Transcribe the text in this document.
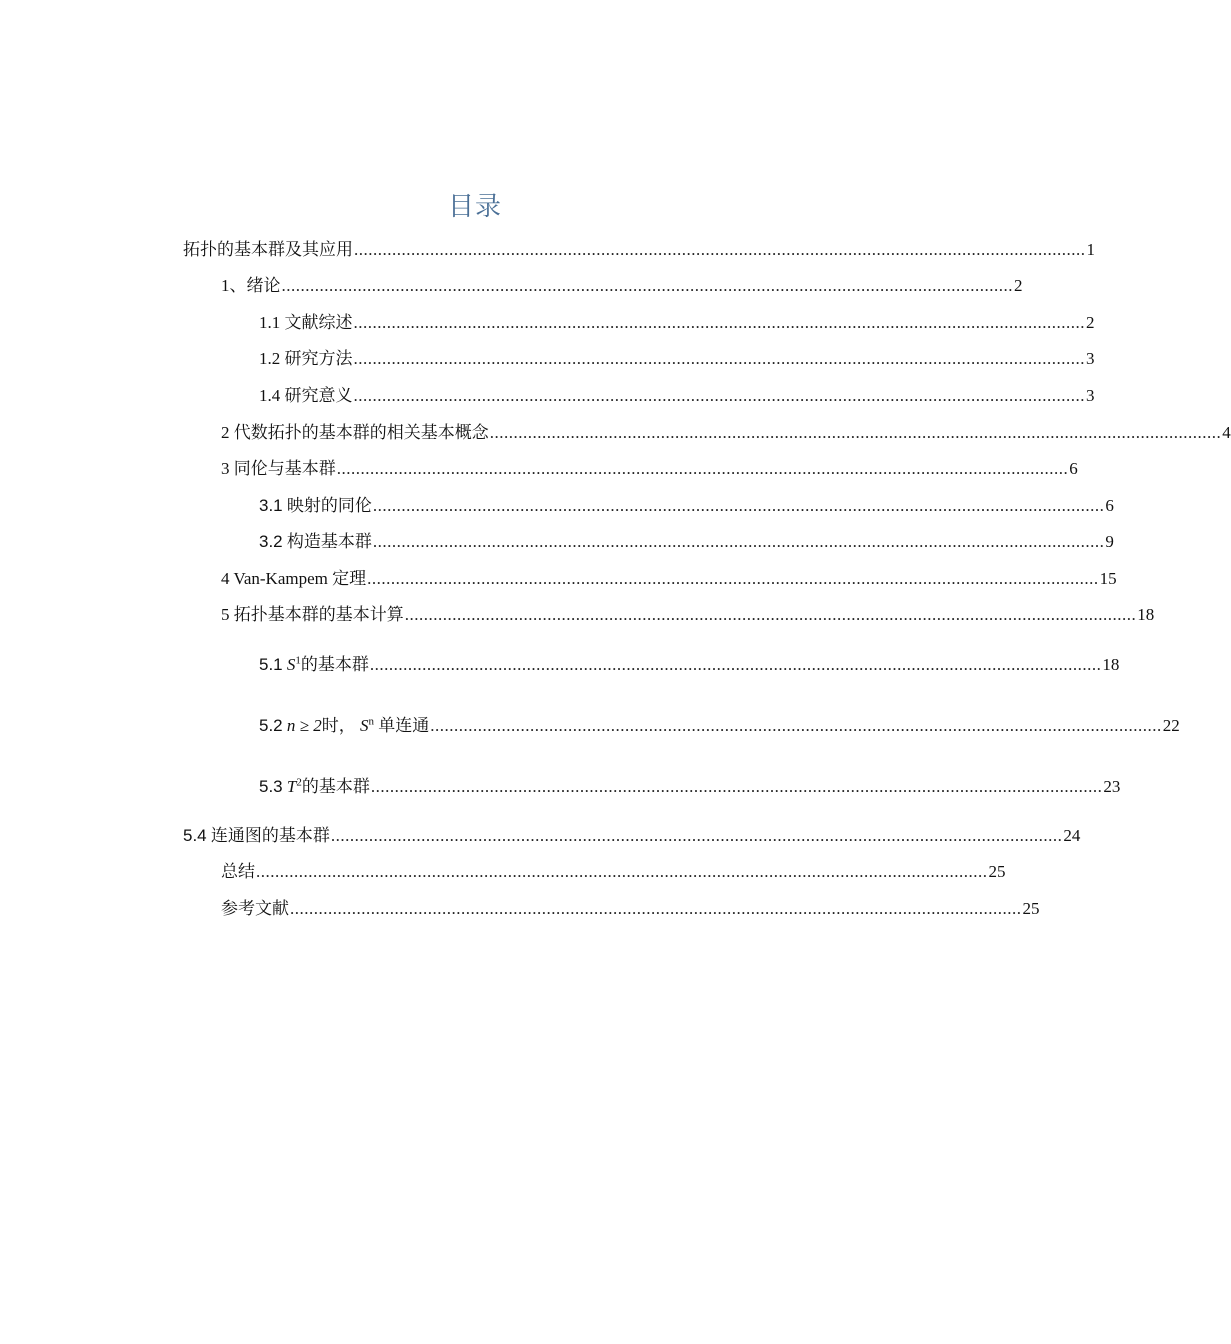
目录
拓扑的基本群及其应用 .......................................................................................................................................................... 1
1、绪论 .......................................................................................................................................................... 2
1.1 文献综述 .......................................................................................................................................................... 2
1.2 研究方法 .......................................................................................................................................................... 3
1.4 研究意义 .......................................................................................................................................................... 3
2 代数拓扑的基本群的相关基本概念 .......................................................................................................................................................... 4
3 同伦与基本群 .......................................................................................................................................................... 6
3.1 映射的同伦 .......................................................................................................................................................... 6
3.2 构造基本群 .......................................................................................................................................................... 9
4 Van-Kampem 定理 .......................................................................................................................................................... 15
5 拓扑基本群的基本计算 .......................................................................................................................................................... 18
5.1 $S^1$的基本群 .......................................................................................................................................................... 18
5.2 n ≥ 2时， $S^n$ 单连通 .......................................................................................................................................................... 22
5.3 $T^2$的基本群 .......................................................................................................................................................... 23
5.4 连通图的基本群 .......................................................................................................................................................... 24
总结 .......................................................................................................................................................... 25
参考文献 .......................................................................................................................................................... 25
